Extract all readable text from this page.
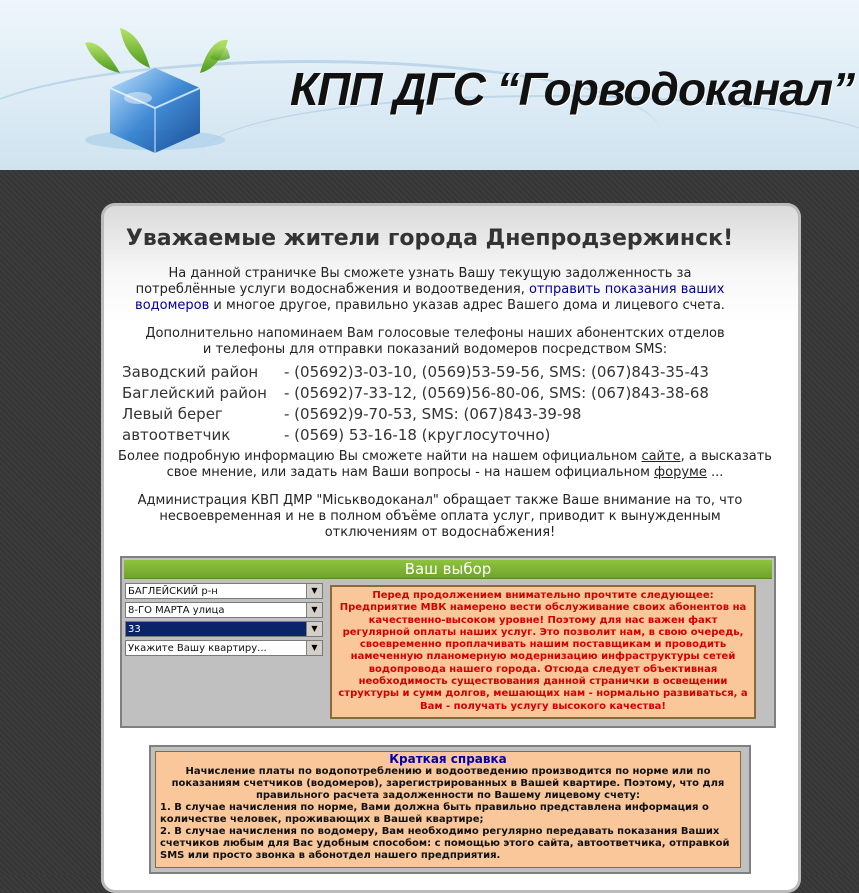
КПП ДГС “Горводоканал”
Уважаемые жители города Днепродзержинск!
На данной страничке Вы сможете узнать Вашу текущую задолженность за потреблённые услуги водоснабжения и водоотведения, отправить показания ваших водомеров и многое другое, правильно указав адрес Вашего дома и лицевого счета.
Дополнительно напоминаем Вам голосовые телефоны наших абонентских отделов и телефоны для отправки показаний водомеров посредством SMS:
Заводский район - (05692)3-03-10, (0569)53-59-56, SMS: (067)843-35-43
Баглейский район - (05692)7-33-12, (0569)56-80-06, SMS: (067)843-38-68
Левый берег	- (05692)9-70-53, SMS: (067)843-39-98
автоответчик	- (0569) 53-16-18 (круглосуточно)
Более подробную информацию Вы сможете найти на нашем официальном сайте, а высказать свое мнение, или задать нам Ваши вопросы - на нашем официальном форуме ...
Администрация КВП ДМР "Міськводоканал" обращает также Ваше внимание на то, что несвоевременная и не в полном объёме оплата услуг, приводит к вынужденным отключениям от водоснабжения!
Ваш выбор
БАГЛЕЙСКИЙ р-н	▼
8-ГО МАРТА улица	▼
33	▼
Укажите Вашу квартиру...	▼
Перед продолжением внимательно прочтите следующее: Предприятие МВК намерено вести обслуживание своих абонентов на качественно-высоком уровне! Поэтому для нас важен факт регулярной оплаты наших услуг. Это позволит нам, в свою очередь, своевременно проплачивать нашим поставщикам и проводить намеченную планомерную модернизацию инфраструктуры сетей водопровода нашего города. Отсюда следует объективная необходимость существования данной странички в освещении структуры и сумм долгов, мешающих нам - нормально развиваться, а Вам - получать услугу высокого качества!
Краткая справка
Начисление платы по водопотреблению и водоотведению производится по норме или по показаниям счетчиков (водомеров), зарегистрированных в Вашей квартире. Поэтому, что для правильного расчета задолженности по Вашему лицевому счету:
1. В случае начисления по норме, Вами должна быть правильно представлена информация о количестве человек, проживающих в Вашей квартире;
2. В случае начисления по водомеру, Вам необходимо регулярно передавать показания Ваших счетчиков любым для Вас удобным способом: с помощью этого сайта, автоответчика, отправкой SMS или просто звонка в абонотдел нашего предприятия.
